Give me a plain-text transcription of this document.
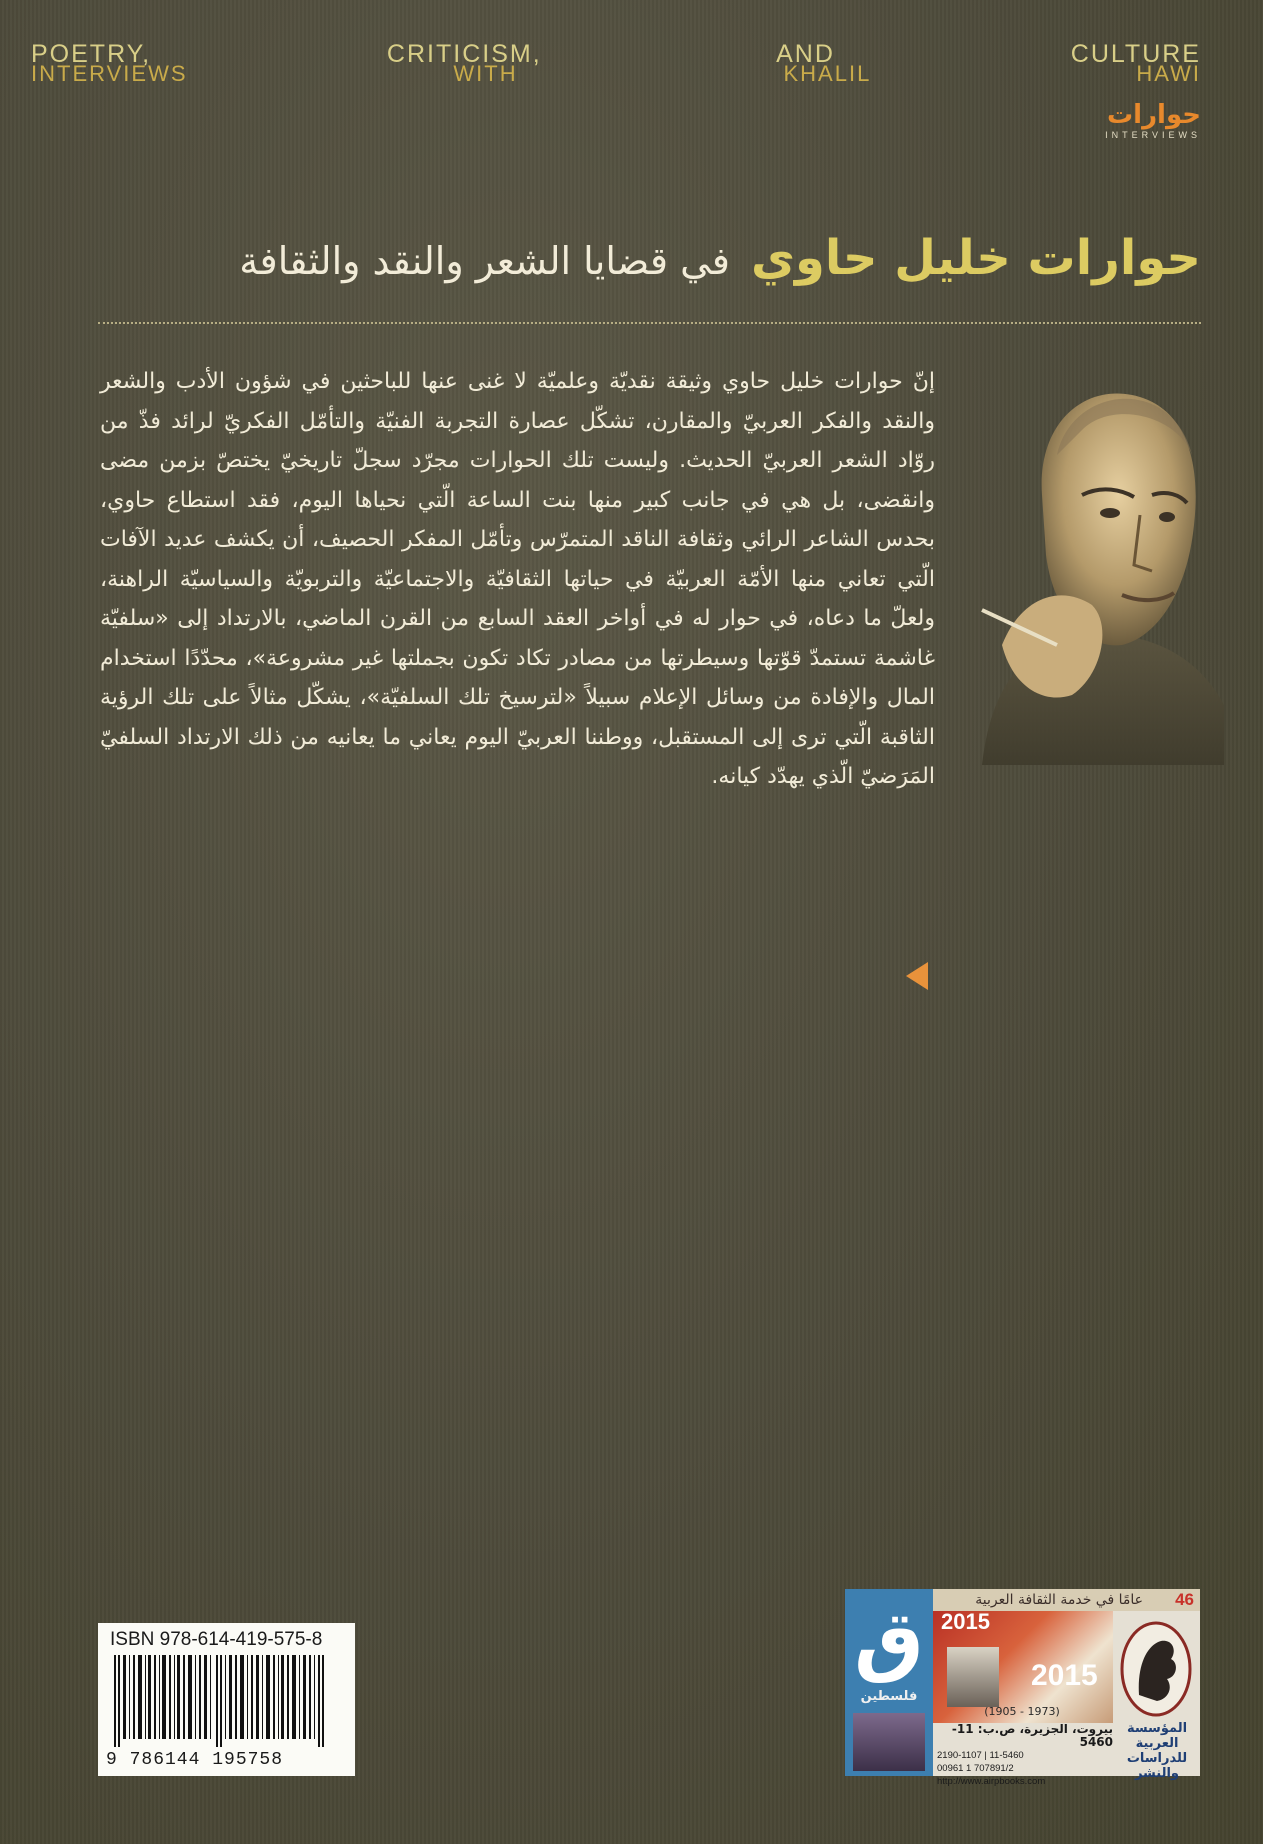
POETRY, CRITICISM, AND CULTURE
INTERVIEWS WITH KHALIL HAWI
حوارات
INTERVIEWS
حوارات خليل حاوي في قضايا الشعر والنقد والثقافة
إنّ حوارات خليل حاوي وثيقة نقديّة وعلميّة لا غنى عنها للباحثين في شؤون الأدب والشعر والنقد والفكر العربيّ والمقارن، تشكّل عصارة التجربة الفنيّة والتأمّل الفكريّ لرائد فذّ من روّاد الشعر العربيّ الحديث. وليست تلك الحوارات مجرّد سجلّ تاريخيّ يختصّ بزمن مضى وانقضى، بل هي في جانب كبير منها بنت الساعة الّتي نحياها اليوم، فقد استطاع حاوي، بحدس الشاعر الرائي وثقافة الناقد المتمرّس وتأمّل المفكر الحصيف، أن يكشف عديد الآفات الّتي تعاني منها الأمّة العربيّة في حياتها الثقافيّة والاجتماعيّة والتربويّة والسياسيّة الراهنة، ولعلّ ما دعاه، في حوار له في أواخر العقد السابع من القرن الماضي، بالارتداد إلى «سلفيّة غاشمة تستمدّ قوّتها وسيطرتها من مصادر تكاد تكون بجملتها غير مشروعة»، محدّدًا استخدام المال والإفادة من وسائل الإعلام سبيلاً «لترسيخ تلك السلفيّة»، يشكّل مثالاً على تلك الرؤية الثاقبة الّتي ترى إلى المستقبل، ووطننا العربيّ اليوم يعاني ما يعانيه من ذلك الارتداد السلفيّ المَرَضيّ الّذي يهدّد كيانه.
ISBN 978-614-419-575-8
9 786144 195758
ق
فلسطين
46
عامًا في خدمة الثقافة العربية
2015
2015
(1905 - 1973)
المؤسسة العربية للدراسات والنشر
بيروت، الجزيرة، ص.ب: 11-5460
2190-1107 | 11-5460
00961 1 707891/2
http://www.airpbooks.com
